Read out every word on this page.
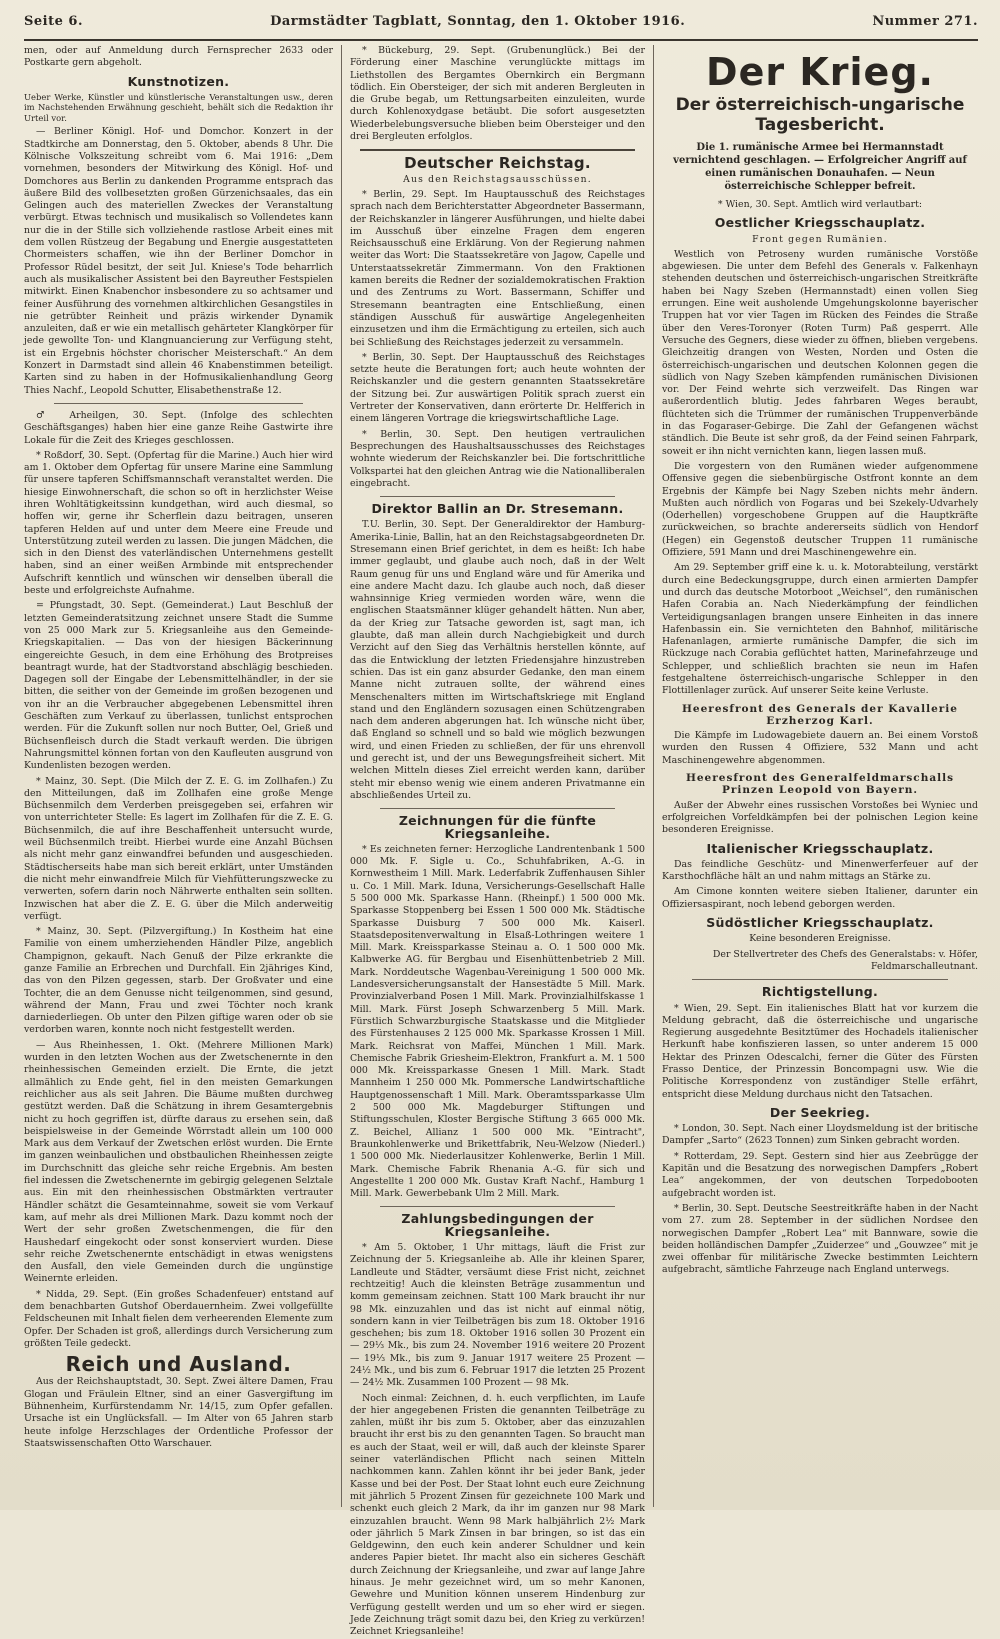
Seite 6.	Darmstädter Tagblatt, Sonntag, den 1. Oktober 1916.	Nummer 271.

men, oder auf Anmeldung durch Fernsprecher 2633 oder Postkarte gern abgeholt.

Kunstnotizen.

Ueber Werke, Künstler und künstlerische Veranstaltungen usw., deren im Nachstehenden Erwähnung geschieht, behält sich die Redaktion ihr Urteil vor.

— Berliner Königl. Hof- und Domchor. Konzert in der Stadtkirche am Donnerstag, den 5. Oktober, abends 8 Uhr. Die Kölnische Volkszeitung schreibt vom 6. Mai 1916: „Dem vornehmen, besonders der Mitwirkung des Königl. Hof- und Domchores aus Berlin zu dankenden Programme entsprach das äußere Bild des vollbesetzten großen Gürzenichsaales, das ein Gelingen auch des materiellen Zweckes der Veranstaltung verbürgt. Etwas technisch und musikalisch so Vollendetes kann nur die in der Stille sich vollziehende rastlose Arbeit eines mit dem vollen Rüstzeug der Begabung und Energie ausgestatteten Chormeisters schaffen, wie ihn der Berliner Domchor in Professor Rüdel besitzt, der seit Jul. Kniese's Tode beharrlich auch als musikalischer Assistent bei den Bayreuther Festspielen mitwirkt. Einen Knabenchor insbesondere zu so achtsamer und feiner Ausführung des vornehmen altkirchlichen Gesangstiles in nie getrübter Reinheit und präzis wirkender Dynamik anzuleiten, daß er wie ein metallisch gehärteter Klangkörper für jede gewollte Ton- und Klangnuancierung zur Verfügung steht, ist ein Ergebnis höchster chorischer Meisterschaft.“ An dem Konzert in Darmstadt sind allein 46 Knabenstimmen beteiligt. Karten sind zu haben in der Hofmusikalienhandlung Georg Thies Nachf., Leopold Schutter, Elisabethenstraße 12.

♂ Arheilgen, 30. Sept. (Infolge des schlechten Geschäftsganges) haben hier eine ganze Reihe Gastwirte ihre Lokale für die Zeit des Krieges geschlossen.

* Roßdorf, 30. Sept. (Opfertag für die Marine.) Auch hier wird am 1. Oktober dem Opfertag für unsere Marine eine Sammlung für unsere tapferen Schiffsmannschaft veranstaltet werden. Die hiesige Einwohnerschaft, die schon so oft in herzlichster Weise ihren Wohltätigkeitssinn kundgethan, wird auch diesmal, so hoffen wir, gerne ihr Scherflein dazu beitragen, unseren tapferen Helden auf und unter dem Meere eine Freude und Unterstützung zuteil werden zu lassen. Die jungen Mädchen, die sich in den Dienst des vaterländischen Unternehmens gestellt haben, sind an einer weißen Armbinde mit entsprechender Aufschrift kenntlich und wünschen wir denselben überall die beste und erfolgreichste Aufnahme.

= Pfungstadt, 30. Sept. (Gemeinderat.) Laut Beschluß der letzten Gemeinderatsitzung zeichnet unsere Stadt die Summe von 25 000 Mark zur 5. Kriegsanleihe aus den Gemeinde-Kriegskapitalien. — Das von der hiesigen Bäckerinnung eingereichte Gesuch, in dem eine Erhöhung des Brotpreises beantragt wurde, hat der Stadtvorstand abschlägig beschieden. Dagegen soll der Eingabe der Lebensmittelhändler, in der sie bitten, die seither von der Gemeinde im großen bezogenen und von ihr an die Verbraucher abgegebenen Lebensmittel ihren Geschäften zum Verkauf zu überlassen, tunlichst entsprochen werden. Für die Zukunft sollen nur noch Butter, Oel, Grieß und Büchsenfleisch durch die Stadt verkauft werden. Die übrigen Nahrungsmittel können fortan von den Kaufleuten ausgrund von Kundenlisten bezogen werden.

* Mainz, 30. Sept. (Die Milch der Z. E. G. im Zollhafen.) Zu den Mitteilungen, daß im Zollhafen eine große Menge Büchsenmilch dem Verderben preisgegeben sei, erfahren wir von unterrichteter Stelle: Es lagert im Zollhafen für die Z. E. G. Büchsenmilch, die auf ihre Beschaffenheit untersucht wurde, weil Büchsenmilch treibt. Hierbei wurde eine Anzahl Büchsen als nicht mehr ganz einwandfrei befunden und ausgeschieden. Städtischerseits habe man sich bereit erklärt, unter Umständen die nicht mehr einwandfreie Milch für Viehfütterungszwecke zu verwerten, sofern darin noch Nährwerte enthalten sein sollten. Inzwischen hat aber die Z. E. G. über die Milch anderweitig verfügt.

* Mainz, 30. Sept. (Pilzvergiftung.) In Kostheim hat eine Familie von einem umherziehenden Händler Pilze, angeblich Champignon, gekauft. Nach Genuß der Pilze erkrankte die ganze Familie an Erbrechen und Durchfall. Ein 2jähriges Kind, das von den Pilzen gegessen, starb. Der Großvater und eine Tochter, die an dem Genusse nicht teilgenommen, sind gesund, während der Mann, Frau und zwei Töchter noch krank darniederliegen. Ob unter den Pilzen giftige waren oder ob sie verdorben waren, konnte noch nicht festgestellt werden.

— Aus Rheinhessen, 1. Okt. (Mehrere Millionen Mark) wurden in den letzten Wochen aus der Zwetschenernte in den rheinhessischen Gemeinden erzielt. Die Ernte, die jetzt allmählich zu Ende geht, fiel in den meisten Gemarkungen reichlicher aus als seit Jahren. Die Bäume mußten durchweg gestützt werden. Daß die Schätzung in ihrem Gesamtergebnis nicht zu hoch gegriffen ist, dürfte daraus zu ersehen sein, daß beispielsweise in der Gemeinde Wörrstadt allein um 100 000 Mark aus dem Verkauf der Zwetschen erlöst wurden. Die Ernte im ganzen weinbaulichen und obstbaulichen Rheinhessen zeigte im Durchschnitt das gleiche sehr reiche Ergebnis. Am besten fiel indessen die Zwetschenernte im gebirgig gelegenen Selztale aus. Ein mit den rheinhessischen Obstmärkten vertrauter Händler schätzt die Gesamteinnahme, soweit sie vom Verkauf kam, auf mehr als drei Millionen Mark. Dazu kommt noch der Wert der sehr großen Zwetschenmengen, die für den Haushedarf eingekocht oder sonst konserviert wurden. Diese sehr reiche Zwetschenernte entschädigt in etwas wenigstens den Ausfall, den viele Gemeinden durch die ungünstige Weinernte erleiden.

* Nidda, 29. Sept. (Ein großes Schadenfeuer) entstand auf dem benachbarten Gutshof Oberdauernheim. Zwei vollgefüllte Feldscheunen mit Inhalt fielen dem verheerenden Elemente zum Opfer. Der Schaden ist groß, allerdings durch Versicherung zum größten Teile gedeckt.

Reich und Ausland.

Aus der Reichshauptstadt, 30. Sept. Zwei ältere Damen, Frau Glogan und Fräulein Eltner, sind an einer Gasvergiftung im Bühnenheim, Kurfürstendamm Nr. 14/15, zum Opfer gefallen. Ursache ist ein Unglücksfall. — Im Alter von 65 Jahren starb heute infolge Herzschlages der Ordentliche Professor der Staatswissenschaften Otto Warschauer.

* Bückeburg, 29. Sept. (Grubenunglück.) Bei der Förderung einer Maschine verunglückte mittags im Liethstollen des Bergamtes Obernkirch ein Bergmann tödlich. Ein Obersteiger, der sich mit anderen Bergleuten in die Grube begab, um Rettungsarbeiten einzuleiten, wurde durch Kohlenoxydgase betäubt. Die sofort ausgesetzten Wiederbelebungsversuche blieben beim Obersteiger und den drei Bergleuten erfolglos.

Deutscher Reichstag.
Aus den Reichstagsausschüssen.

* Berlin, 29. Sept. Im Hauptausschuß des Reichstages sprach nach dem Berichterstatter Abgeordneter Bassermann, der Reichskanzler in längerer Ausführungen, und hielte dabei im Ausschuß über einzelne Fragen dem engeren Reichsausschuß eine Erklärung. Von der Regierung nahmen weiter das Wort: Die Staatssekretäre von Jagow, Capelle und Unterstaatssekretär Zimmermann. Von den Fraktionen kamen bereits die Redner der sozialdemokratischen Fraktion und des Zentrums zu Wort. Bassermann, Schiffer und Stresemann beantragten eine Entschließung, einen ständigen Ausschuß für auswärtige Angelegenheiten einzusetzen und ihm die Ermächtigung zu erteilen, sich auch bei Schließung des Reichstages jederzeit zu versammeln.

* Berlin, 30. Sept. Der Hauptausschuß des Reichstages setzte heute die Beratungen fort; auch heute wohnten der Reichskanzler und die gestern genannten Staatssekretäre der Sitzung bei. Zur auswärtigen Politik sprach zuerst ein Vertreter der Konservativen, dann erörterte Dr. Helfferich in einem längeren Vortrage die kriegswirtschaftliche Lage.

* Berlin, 30. Sept. Den heutigen vertraulichen Besprechungen des Haushaltsausschusses des Reichstages wohnte wiederum der Reichskanzler bei. Die fortschrittliche Volkspartei hat den gleichen Antrag wie die Nationalliberalen eingebracht.

Direktor Ballin an Dr. Stresemann.

T.U. Berlin, 30. Sept. Der Generaldirektor der Hamburg-Amerika-Linie, Ballin, hat an den Reichstagsabgeordneten Dr. Stresemann einen Brief gerichtet, in dem es heißt: Ich habe immer geglaubt, und glaube auch noch, daß in der Welt Raum genug für uns und England wäre und für Amerika und eine andere Macht dazu. Ich glaube auch noch, daß dieser wahnsinnige Krieg vermieden worden wäre, wenn die englischen Staatsmänner klüger gehandelt hätten. Nun aber, da der Krieg zur Tatsache geworden ist, sagt man, ich glaubte, daß man allein durch Nachgiebigkeit und durch Verzicht auf den Sieg das Verhältnis herstellen könnte, auf das die Entwicklung der letzten Friedensjahre hinzustreben schien. Das ist ein ganz absurder Gedanke, den man einem Manne nicht zutrauen sollte, der während eines Menschenalters mitten im Wirtschaftskriege mit England stand und den Engländern sozusagen einen Schützengraben nach dem anderen abgerungen hat. Ich wünsche nicht über, daß England so schnell und so bald wie möglich bezwungen wird, und einen Frieden zu schließen, der für uns ehrenvoll und gerecht ist, und der uns Bewegungsfreiheit sichert. Mit welchen Mitteln dieses Ziel erreicht werden kann, darüber steht mir ebenso wenig wie einem anderen Privatmanne ein abschließendes Urteil zu.

Zeichnungen für die fünfte Kriegsanleihe.

* Es zeichneten ferner: Herzogliche Landrentenbank 1 500 000 Mk. F. Sigle u. Co., Schuhfabriken, A.-G. in Kornwestheim 1 Mill. Mark. Lederfabrik Zuffenhausen Sihler u. Co. 1 Mill. Mark. Iduna, Versicherungs-Gesellschaft Halle 5 500 000 Mk. Sparkasse Hann. (Rheinpf.) 1 500 000 Mk. Sparkasse Stoppenberg bei Essen 1 500 000 Mk. Städtische Sparkasse Duisburg 7 500 000 Mk. Kaiserl. Staatsdepositenverwaltung in Elsaß-Lothringen weitere 1 Mill. Mark. Kreissparkasse Steinau a. O. 1 500 000 Mk. Kalbwerke AG. für Bergbau und Eisenhüttenbetrieb 2 Mill. Mark. Norddeutsche Wagenbau-Vereinigung 1 500 000 Mk. Landesversicherungsanstalt der Hansestädte 5 Mill. Mark. Provinzialverband Posen 1 Mill. Mark. Provinzialhilfskasse 1 Mill. Mark. Fürst Joseph Schwarzenberg 5 Mill. Mark. Fürstlich Schwarzburgische Staatskasse und die Mitglieder des Fürstenhauses 2 125 000 Mk. Sparkasse Krossen 1 Mill. Mark. Reichsrat von Maffei, München 1 Mill. Mark. Chemische Fabrik Griesheim-Elektron, Frankfurt a. M. 1 500 000 Mk. Kreissparkasse Gnesen 1 Mill. Mark. Stadt Mannheim 1 250 000 Mk. Pommersche Landwirtschaftliche Hauptgenossenschaft 1 Mill. Mark. Oberamtssparkasse Ulm 2 500 000 Mk. Magdeburger Stiftungen und Stiftungsschulen, Kloster Bergische Stiftung 3 665 000 Mk. Z. Beichel, Allianz 1 500 000 Mk. "Eintracht", Braunkohlenwerke und Brikettfabrik, Neu-Welzow (Niederl.) 1 500 000 Mk. Niederlausitzer Kohlenwerke, Berlin 1 Mill. Mark. Chemische Fabrik Rhenania A.-G. für sich und Angestellte 1 200 000 Mk. Gustav Kraft Nachf., Hamburg 1 Mill. Mark. Gewerbebank Ulm 2 Mill. Mark.

Zahlungsbedingungen der Kriegsanleihe.

* Am 5. Oktober, 1 Uhr mittags, läuft die Frist zur Zeichnung der 5. Kriegsanleihe ab. Alle ihr kleinen Sparer, Landleute und Städter, versäumt diese Frist nicht, zeichnet rechtzeitig! Auch die kleinsten Beträge zusammentun und komm gemeinsam zeichnen. Statt 100 Mark braucht ihr nur 98 Mk. einzuzahlen und das ist nicht auf einmal nötig, sondern kann in vier Teilbeträgen bis zum 18. Oktober 1916 geschehen; bis zum 18. Oktober 1916 sollen 30 Prozent ein — 29⅓ Mk., bis zum 24. November 1916 weitere 20 Prozent — 19⅓ Mk., bis zum 9. Januar 1917 weitere 25 Prozent — 24½ Mk., und bis zum 6. Februar 1917 die letzten 25 Prozent — 24½ Mk. Zusammen 100 Prozent — 98 Mk.

Noch einmal: Zeichnen, d. h. euch verpflichten, im Laufe der hier angegebenen Fristen die genannten Teilbeträge zu zahlen, müßt ihr bis zum 5. Oktober, aber das einzuzahlen braucht ihr erst bis zu den genannten Tagen. So braucht man es auch der Staat, weil er will, daß auch der kleinste Sparer seiner vaterländischen Pflicht nach seinen Mitteln nachkommen kann. Zahlen könnt ihr bei jeder Bank, jeder Kasse und bei der Post. Der Staat lohnt euch eure Zeichnung mit jährlich 5 Prozent Zinsen für gezeichnete 100 Mark und schenkt euch gleich 2 Mark, da ihr im ganzen nur 98 Mark einzuzahlen braucht. Wenn 98 Mark halbjährlich 2½ Mark oder jährlich 5 Mark Zinsen in bar bringen, so ist das ein Geldgewinn, den euch kein anderer Schuldner und kein anderes Papier bietet. Ihr macht also ein sicheres Geschäft durch Zeichnung der Kriegsanleihe, und zwar auf lange Jahre hinaus. Je mehr gezeichnet wird, um so mehr Kanonen, Gewehre und Munition können unserem Hindenburg zur Verfügung gestellt werden und um so eher wird er siegen. Jede Zeichnung trägt somit dazu bei, den Krieg zu verkürzen! Zeichnet Kriegsanleihe!

Der Krieg.
Der österreichisch-ungarische Tagesbericht.
Die 1. rumänische Armee bei Hermannstadt vernichtend geschlagen. — Erfolgreicher Angriff auf einen rumänischen Donauhafen. — Neun österreichische Schlepper befreit.

* Wien, 30. Sept. Amtlich wird verlautbart:

Oestlicher Kriegsschauplatz.
Front gegen Rumänien.

Westlich von Petroseny wurden rumänische Vorstöße abgewiesen. Die unter dem Befehl des Generals v. Falkenhayn stehenden deutschen und österreichisch-ungarischen Streitkräfte haben bei Nagy Szeben (Hermannstadt) einen vollen Sieg errungen. Eine weit ausholende Umgehungskolonne bayerischer Truppen hat vor vier Tagen im Rücken des Feindes die Straße über den Veres-Toronyer (Roten Turm) Paß gesperrt. Alle Versuche des Gegners, diese wieder zu öffnen, blieben vergebens. Gleichzeitig drangen von Westen, Norden und Osten die österreichisch-ungarischen und deutschen Kolonnen gegen die südlich von Nagy Szeben kämpfenden rumänischen Divisionen vor. Der Feind wehrte sich verzweifelt. Das Ringen war außerordentlich blutig. Jedes fahrbaren Weges beraubt, flüchteten sich die Trümmer der rumänischen Truppenverbände in das Fogaraser-Gebirge. Die Zahl der Gefangenen wächst ständlich. Die Beute ist sehr groß, da der Feind seinen Fahrpark, soweit er ihn nicht vernichten kann, liegen lassen muß.

Die vorgestern von den Rumänen wieder aufgenommene Offensive gegen die siebenbürgische Ostfront konnte an dem Ergebnis der Kämpfe bei Nagy Szeben nichts mehr ändern. Mußten auch nördlich von Fogaras und bei Szekely-Udvarhely (Oderhellen) vorgeschobene Gruppen auf die Hauptkräfte zurückweichen, so brachte andererseits südlich von Hendorf (Hegen) ein Gegenstoß deutscher Truppen 11 rumänische Offiziere, 591 Mann und drei Maschinengewehre ein.

Am 29. September griff eine k. u. k. Motorabteilung, verstärkt durch eine Bedeckungsgruppe, durch einen armierten Dampfer und durch das deutsche Motorboot „Weichsel“, den rumänischen Hafen Corabia an. Nach Niederkämpfung der feindlichen Verteidigungsanlagen brangen unsere Einheiten in das innere Hafenbassin ein. Sie vernichteten den Bahnhof, militärische Hafenanlagen, armierte rumänische Dampfer, die sich im Rückzuge nach Corabia geflüchtet hatten, Marinefahrzeuge und Schlepper, und schließlich brachten sie neun im Hafen festgehaltene österreichisch-ungarische Schlepper in den Flottillenlager zurück. Auf unserer Seite keine Verluste.

Heeresfront des Generals der Kavallerie Erzherzog Karl.

Die Kämpfe im Ludowagebiete dauern an. Bei einem Vorstoß wurden den Russen 4 Offiziere, 532 Mann und acht Maschinengewehre abgenommen.

Heeresfront des Generalfeldmarschalls Prinzen Leopold von Bayern.

Außer der Abwehr eines russischen Vorstoßes bei Wyniec und erfolgreichen Vorfeldkämpfen bei der polnischen Legion keine besonderen Ereignisse.

Italienischer Kriegsschauplatz.

Das feindliche Geschütz- und Minenwerferfeuer auf der Karsthochfläche hält an und nahm mittags an Stärke zu.

Am Cimone konnten weitere sieben Italiener, darunter ein Offiziersaspirant, noch lebend geborgen werden.

Südöstlicher Kriegsschauplatz.

Keine besonderen Ereignisse.

Der Stellvertreter des Chefs des Generalstabs: v. Höfer, Feldmarschalleutnant.

Richtigstellung.

* Wien, 29. Sept. Ein italienisches Blatt hat vor kurzem die Meldung gebracht, daß die österreichische und ungarische Regierung ausgedehnte Besitztümer des Hochadels italienischer Herkunft habe konfiszieren lassen, so unter anderem 15 000 Hektar des Prinzen Odescalchi, ferner die Güter des Fürsten Frasso Dentice, der Prinzessin Boncompagni usw. Wie die Politische Korrespondenz von zuständiger Stelle erfährt, entspricht diese Meldung durchaus nicht den Tatsachen.

Der Seekrieg.

* London, 30. Sept. Nach einer Lloydsmeldung ist der britische Dampfer „Sarto“ (2623 Tonnen) zum Sinken gebracht worden.

* Rotterdam, 29. Sept. Gestern sind hier aus Zeebrügge der Kapitän und die Besatzung des norwegischen Dampfers „Robert Lea“ angekommen, der von deutschen Torpedobooten aufgebracht worden ist.

* Berlin, 30. Sept. Deutsche Seestreitkräfte haben in der Nacht vom 27. zum 28. September in der südlichen Nordsee den norwegischen Dampfer „Robert Lea“ mit Bannware, sowie die beiden holländischen Dampfer „Zuiderzee“ und „Gouwzee“ mit je zwei offenbar für militärische Zwecke bestimmten Leichtern aufgebracht, sämtliche Fahrzeuge nach England unterwegs.
